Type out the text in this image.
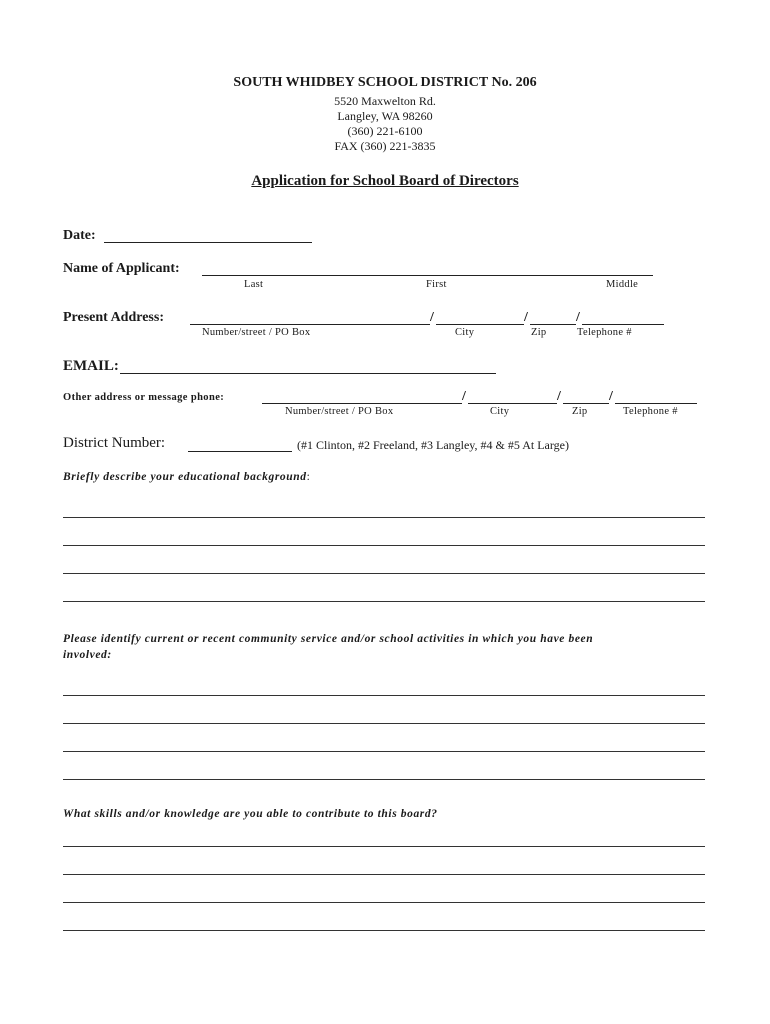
SOUTH WHIDBEY SCHOOL DISTRICT No. 206
5520 Maxwelton Rd.
Langley, WA 98260
(360) 221-6100
FAX (360) 221-3835
Application for School Board of Directors
Date:
Name of Applicant:
Last	First	Middle
Present Address:	/	/	/
Number/street / PO Box	City	Zip	Telephone #
EMAIL:
Other address or message phone:	/	/	/
Number/street / PO Box	City	Zip	Telephone #
District Number:	(#1 Clinton, #2 Freeland, #3 Langley, #4 & #5 At Large)
Briefly describe your educational background:
Please identify current or recent community service and/or school activities in which you have been
involved:
What skills and/or knowledge are you able to contribute to this board?
